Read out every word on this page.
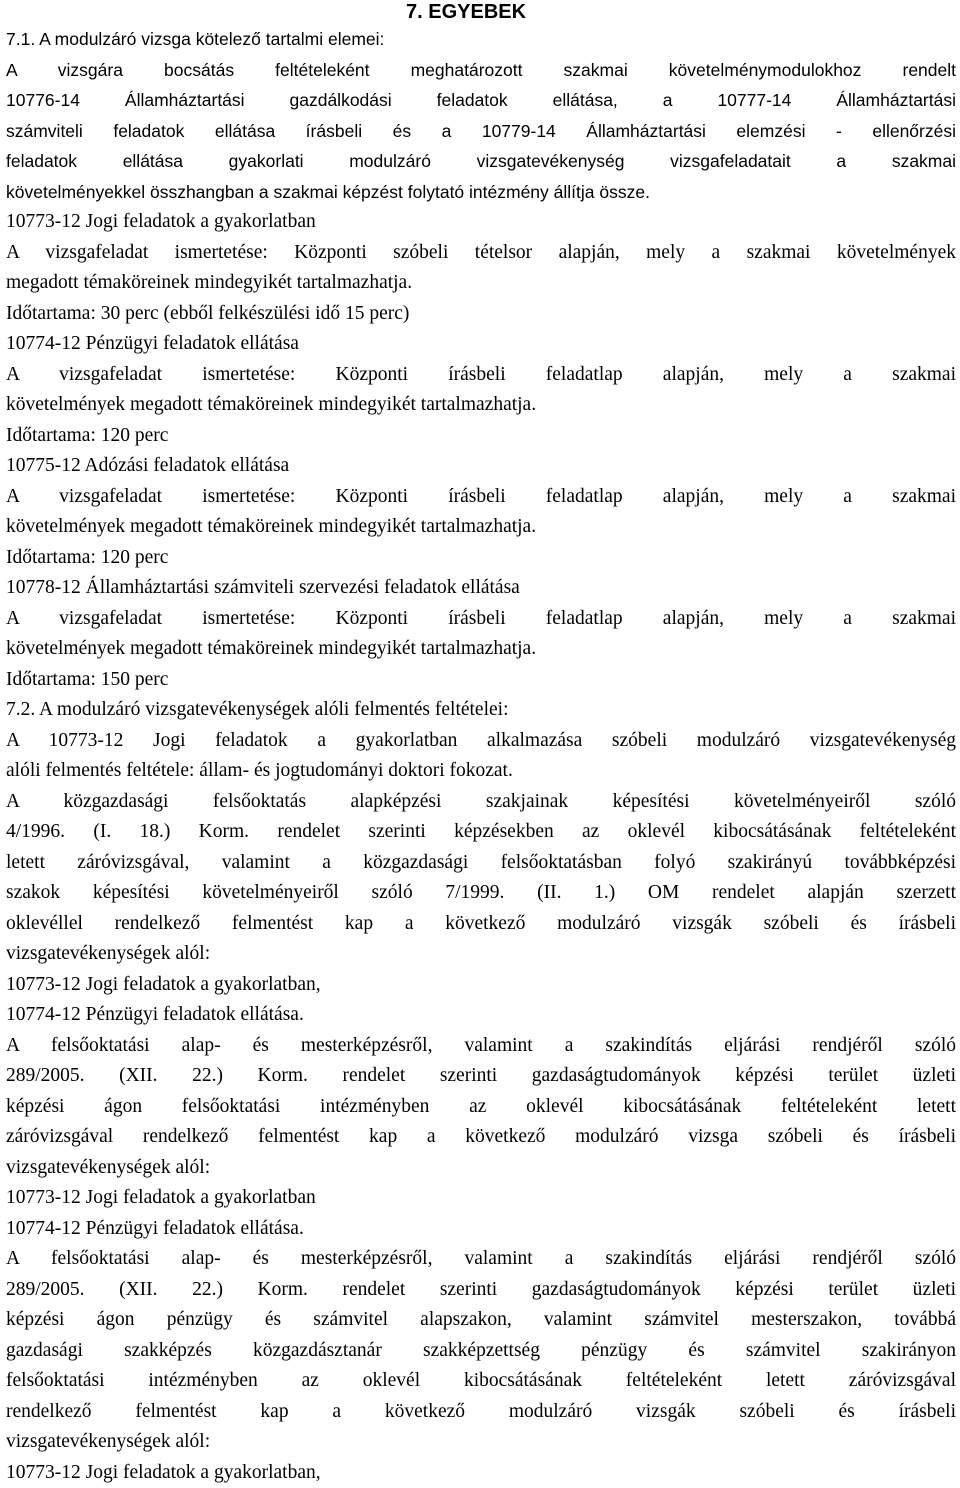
7. EGYEBEK
7.1. A modulzáró vizsga kötelező tartalmi elemei:
A vizsgára bocsátás feltételeként meghatározott szakmai követelménymodulokhoz rendelt
10776-14 Államháztartási gazdálkodási feladatok ellátása, a 10777-14 Államháztartási
számviteli feladatok ellátása írásbeli és a 10779-14 Államháztartási elemzési - ellenőrzési
feladatok ellátása gyakorlati modulzáró vizsgatevékenység vizsgafeladatait a szakmai
követelményekkel összhangban a szakmai képzést folytató intézmény állítja össze.
10773-12 Jogi feladatok a gyakorlatban
A vizsgafeladat ismertetése: Központi szóbeli tételsor alapján, mely a szakmai követelmények
megadott témaköreinek mindegyikét tartalmazhatja.
Időtartama: 30 perc (ebből felkészülési idő 15 perc)
10774-12 Pénzügyi feladatok ellátása
A vizsgafeladat ismertetése: Központi írásbeli feladatlap alapján, mely a szakmai
követelmények megadott témaköreinek mindegyikét tartalmazhatja.
Időtartama: 120 perc
10775-12 Adózási feladatok ellátása
A vizsgafeladat ismertetése: Központi írásbeli feladatlap alapján, mely a szakmai
követelmények megadott témaköreinek mindegyikét tartalmazhatja.
Időtartama: 120 perc
10778-12 Államháztartási számviteli szervezési feladatok ellátása
A vizsgafeladat ismertetése: Központi írásbeli feladatlap alapján, mely a szakmai
követelmények megadott témaköreinek mindegyikét tartalmazhatja.
Időtartama: 150 perc
7.2. A modulzáró vizsgatevékenységek alóli felmentés feltételei:
A 10773-12 Jogi feladatok a gyakorlatban alkalmazása szóbeli modulzáró vizsgatevékenység
alóli felmentés feltétele: állam- és jogtudományi doktori fokozat.
A közgazdasági felsőoktatás alapképzési szakjainak képesítési követelményeiről szóló
4/1996. (I. 18.) Korm. rendelet szerinti képzésekben az oklevél kibocsátásának feltételeként
letett záróvizsgával, valamint a közgazdasági felsőoktatásban folyó szakirányú továbbképzési
szakok képesítési követelményeiről szóló 7/1999. (II. 1.) OM rendelet alapján szerzett
oklevéllel rendelkező felmentést kap a következő modulzáró vizsgák szóbeli és írásbeli
vizsgatevékenységek alól:
10773-12 Jogi feladatok a gyakorlatban,
10774-12 Pénzügyi feladatok ellátása.
A felsőoktatási alap- és mesterképzésről, valamint a szakindítás eljárási rendjéről szóló
289/2005. (XII. 22.) Korm. rendelet szerinti gazdaságtudományok képzési terület üzleti
képzési ágon felsőoktatási intézményben az oklevél kibocsátásának feltételeként letett
záróvizsgával rendelkező felmentést kap a következő modulzáró vizsga szóbeli és írásbeli
vizsgatevékenységek alól:
10773-12 Jogi feladatok a gyakorlatban
10774-12 Pénzügyi feladatok ellátása.
A felsőoktatási alap- és mesterképzésről, valamint a szakindítás eljárási rendjéről szóló
289/2005. (XII. 22.) Korm. rendelet szerinti gazdaságtudományok képzési terület üzleti
képzési ágon pénzügy és számvitel alapszakon, valamint számvitel mesterszakon, továbbá
gazdasági szakképzés közgazdásztanár szakképzettség pénzügy és számvitel szakirányon
felsőoktatási intézményben az oklevél kibocsátásának feltételeként letett záróvizsgával
rendelkező felmentést kap a következő modulzáró vizsgák szóbeli és írásbeli
vizsgatevékenységek alól:
10773-12 Jogi feladatok a gyakorlatban,
